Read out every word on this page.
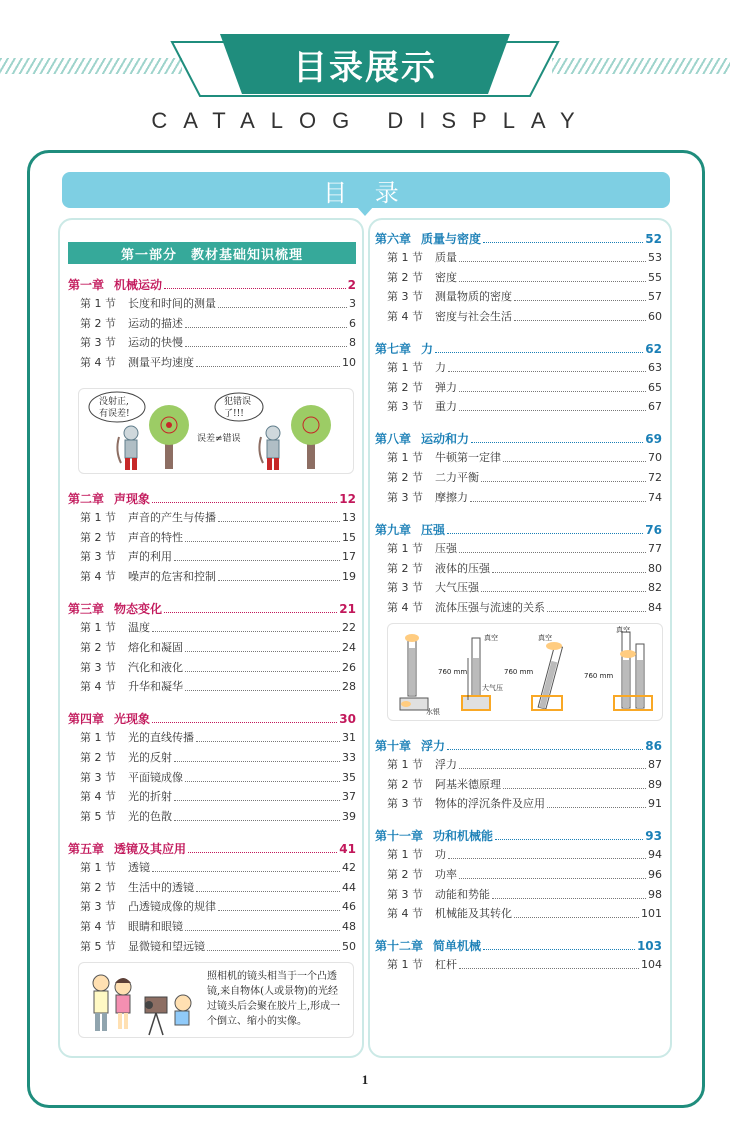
目录展示
CATALOG DISPLAY
目 录
第一部分　教材基础知识梳理
第一章 机械运动	2
第 1 节 长度和时间的测量	3
第 2 节 运动的描述	6
第 3 节 运动的快慢	8
第 4 节 测量平均速度	10
没射正,
有误差!
犯错误
了!!!
误差≠错误
第二章 声现象	12
第 1 节 声音的产生与传播	13
第 2 节 声音的特性	15
第 3 节 声的利用	17
第 4 节 噪声的危害和控制	19
第三章 物态变化	21
第 1 节 温度	22
第 2 节 熔化和凝固	24
第 3 节 汽化和液化	26
第 4 节 升华和凝华	28
第四章 光现象	30
第 1 节 光的直线传播	31
第 2 节 光的反射	33
第 3 节 平面镜成像	35
第 4 节 光的折射	37
第 5 节 光的色散	39
第五章 透镜及其应用	41
第 1 节 透镜	42
第 2 节 生活中的透镜	44
第 3 节 凸透镜成像的规律	46
第 4 节 眼睛和眼镜	48
第 5 节 显微镜和望远镜	50
照相机的镜头相当于一个凸透
镜,来自物体(人或景物)的光经
过镜头后会聚在胶片上,形成一
个倒立、缩小的实像。
第六章 质量与密度	52
第 1 节 质量	53
第 2 节 密度	55
第 3 节 测量物质的密度	57
第 4 节 密度与社会生活	60
第七章 力	62
第 1 节 力	63
第 2 节 弹力	65
第 3 节 重力	67
第八章 运动和力	69
第 1 节 牛顿第一定律	70
第 2 节 二力平衡	72
第 3 节 摩擦力	74
第九章 压强	76
第 1 节 压强	77
第 2 节 液体的压强	80
第 3 节 大气压强	82
第 4 节 流体压强与流速的关系	84
水银
真空
760 mm
大气压
真空
760 mm
真空
760 mm
第十章 浮力	86
第 1 节 浮力	87
第 2 节 阿基米德原理	89
第 3 节 物体的浮沉条件及应用	91
第十一章 功和机械能	93
第 1 节 功	94
第 2 节 功率	96
第 3 节 动能和势能	98
第 4 节 机械能及其转化	101
第十二章 简单机械	103
第 1 节 杠杆	104
1
